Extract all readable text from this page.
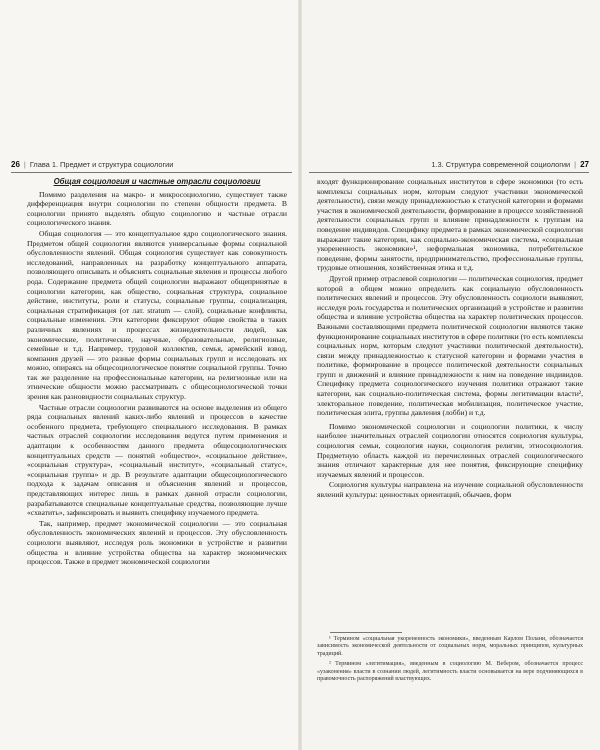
26 | Глава 1. Предмет и структура социологии	1.3. Структура современной социологии | 27
Общая социология и частные отрасли социологии

Помимо разделения на макро- и микросоциологию, существует также дифференциация внутри социологии по степени общности предмета. В социологии принято выделять общую социологию и частные отрасли социологического знания.

Общая социология — это концептуальное ядро социологического знания. Предметом общей социологии являются универсальные формы социальной обусловленности явлений. Общая социология существует как совокупность исследований, направленных на разработку концептуального аппарата, позволяющего описывать и объяснять социальные явления и процессы любого рода. Содержание предмета общей социологии выражают общепринятые в социологии категории, как общество, социальная структура, социальное действие, институты, роли и статусы, социальные группы, социализация, социальная стратификация (от лат. stratum — слой), социальные конфликты, социальные изменения. Эти категории фиксируют общие свойства в таких различных явлениях и процессах жизнедеятельности людей, как экономические, политические, научные, образовательные, религиозные, семейные и т.д. Например, трудовой коллектив, семья, армейский взвод, компания друзей — это разные формы социальных групп и исследовать их можно, опираясь на общесоциологическое понятие социальной группы. Точно так же разделение на профессиональные категории, на религиозные или на этнические общности можно рассматривать с общесоциологической точки зрения как разновидности социальных структур.

Частные отрасли социологии развиваются на основе выделения из общего ряда социальных явлений каких-либо явлений и процессов в качестве особенного предмета, требующего специального исследования. В рамках частных отраслей социологии исследования ведутся путем применения и адаптации к особенностям данного предмета общесоциологических концептуальных средств — понятий «общество», «социальное действие», «социальная структура», «социальный институт», «социальный статус», «социальная группа» и др. В результате адаптации общесоциологического подхода к задачам описания и объяснения явлений и процессов, представляющих интерес лишь в рамках данной отрасли социологии, разрабатываются специальные концептуальные средства, позволяющие лучше «схватить», зафиксировать и выявить специфику изучаемого предмета.

Так, например, предмет экономической социологии — это социальная обусловленность экономических явлений и процессов. Эту обусловленность социологи выявляют, исследуя роль экономики в устройстве и развитии общества и влияние устройства общества на характер экономических процессов. Также в предмет экономической социологии

входят функционирование социальных институтов в сфере экономики (то есть комплексы социальных норм, которым следуют участники экономической деятельности), связи между принадлежностью к статусной категории и формами участия в экономической деятельности, формирование в процессе хозяйственной деятельности социальных групп и влияние принадлежности к группам на поведение индивидов. Специфику предмета в рамках экономической социологии выражают такие категории, как социально-экономическая система, «социальная укорененность экономики»¹, неформальная экономика, потребительское поведение, формы занятости, предпринимательство, профессиональные группы, трудовые отношения, хозяйственная этика и т.д.

Другой пример отраслевой социологии — политическая социология, предмет которой в общем можно определить как социальную обусловленность политических явлений и процессов. Эту обусловленность социологи выявляют, исследуя роль государства и политических организаций в устройстве и развитии общества и влияние устройства общества на характер политических процессов. Важными составляющими предмета политической социологии являются также функционирование социальных институтов в сфере политики (то есть комплексы социальных норм, которым следуют участники политической деятельности), связи между принадлежностью к статусной категории и формами участия в политике, формирование в процессе политической деятельности социальных групп и движений и влияние принадлежности к ним на поведение индивидов. Специфику предмета социологического изучения политики отражают такие категории, как социально-политическая система, формы легитимации власти², электоральное поведение, политическая мобилизация, политическое участие, политическая элита, группы давления (лобби) и т.д.

Помимо экономической социологии и социологии политики, к числу наиболее значительных отраслей социологии относятся социология культуры, социология семьи, социология науки, социология религии, этносоциология. Предметную область каждой из перечисленных отраслей социологического знания отличают характерные для нее понятия, фиксирующие специфику изучаемых явлений и процессов.

Социология культуры направлена на изучение социальной обусловленности явлений культуры: ценностных ориентаций, обычаев, форм

¹ Термином «социальная укорененность экономики», введенным Карлом Полани, обозначается зависимость экономической деятельности от социальных норм, моральных принципов, культурных традиций.

² Термином «легитимация», введенным в социологию М. Вебером, обозначается процесс «узаконения» власти в сознании людей, легитимность власти основывается на вере подчиняющихся в правомочность распоряжений властвующих.
